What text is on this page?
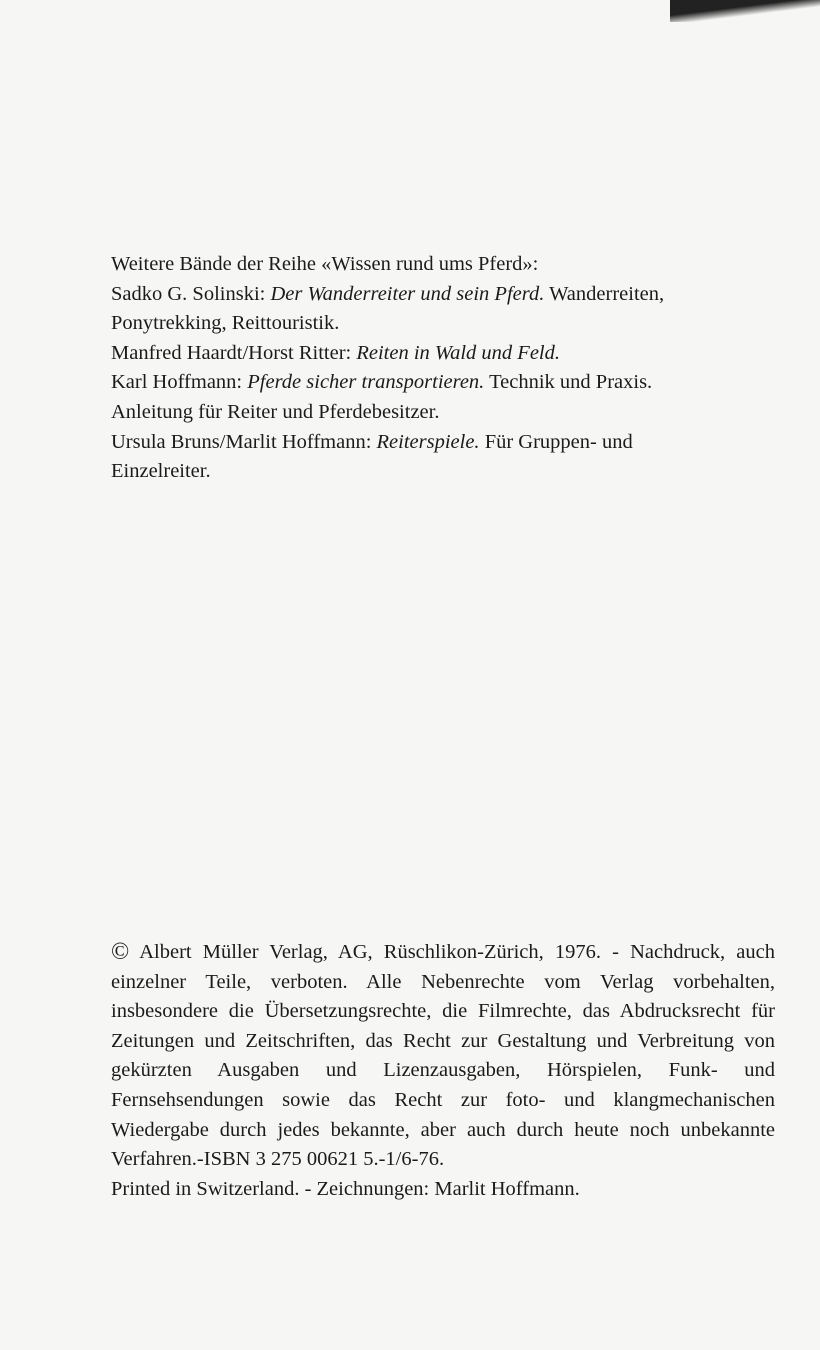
Weitere Bände der Reihe «Wissen rund ums Pferd»:
Sadko G. Solinski: Der Wanderreiter und sein Pferd. Wanderreiten,
Ponytrekking, Reittouristik.
Manfred Haardt/Horst Ritter: Reiten in Wald und Feld.
Karl Hoffmann: Pferde sicher transportieren. Technik und Praxis.
Anleitung für Reiter und Pferdebesitzer.
Ursula Bruns/Marlit Hoffmann: Reiterspiele. Für Gruppen- und
Einzelreiter.

© Albert Müller Verlag, AG, Rüschlikon-Zürich, 1976. - Nachdruck, auch einzelner Teile, verboten. Alle Nebenrechte vom Verlag vorbehalten, insbesondere die Übersetzungsrechte, die Filmrechte, das Abdrucksrecht für Zeitungen und Zeitschriften, das Recht zur Gestaltung und Verbreitung von gekürzten Ausgaben und Lizenzausgaben, Hörspielen, Funk- und Fernsehsendungen sowie das Recht zur foto- und klangmechanischen Wiedergabe durch jedes bekannte, aber auch durch heute noch unbekannte Verfahren.-ISBN 3 275 00621 5.-1/6-76.

Printed in Switzerland. - Zeichnungen: Marlit Hoffmann.
